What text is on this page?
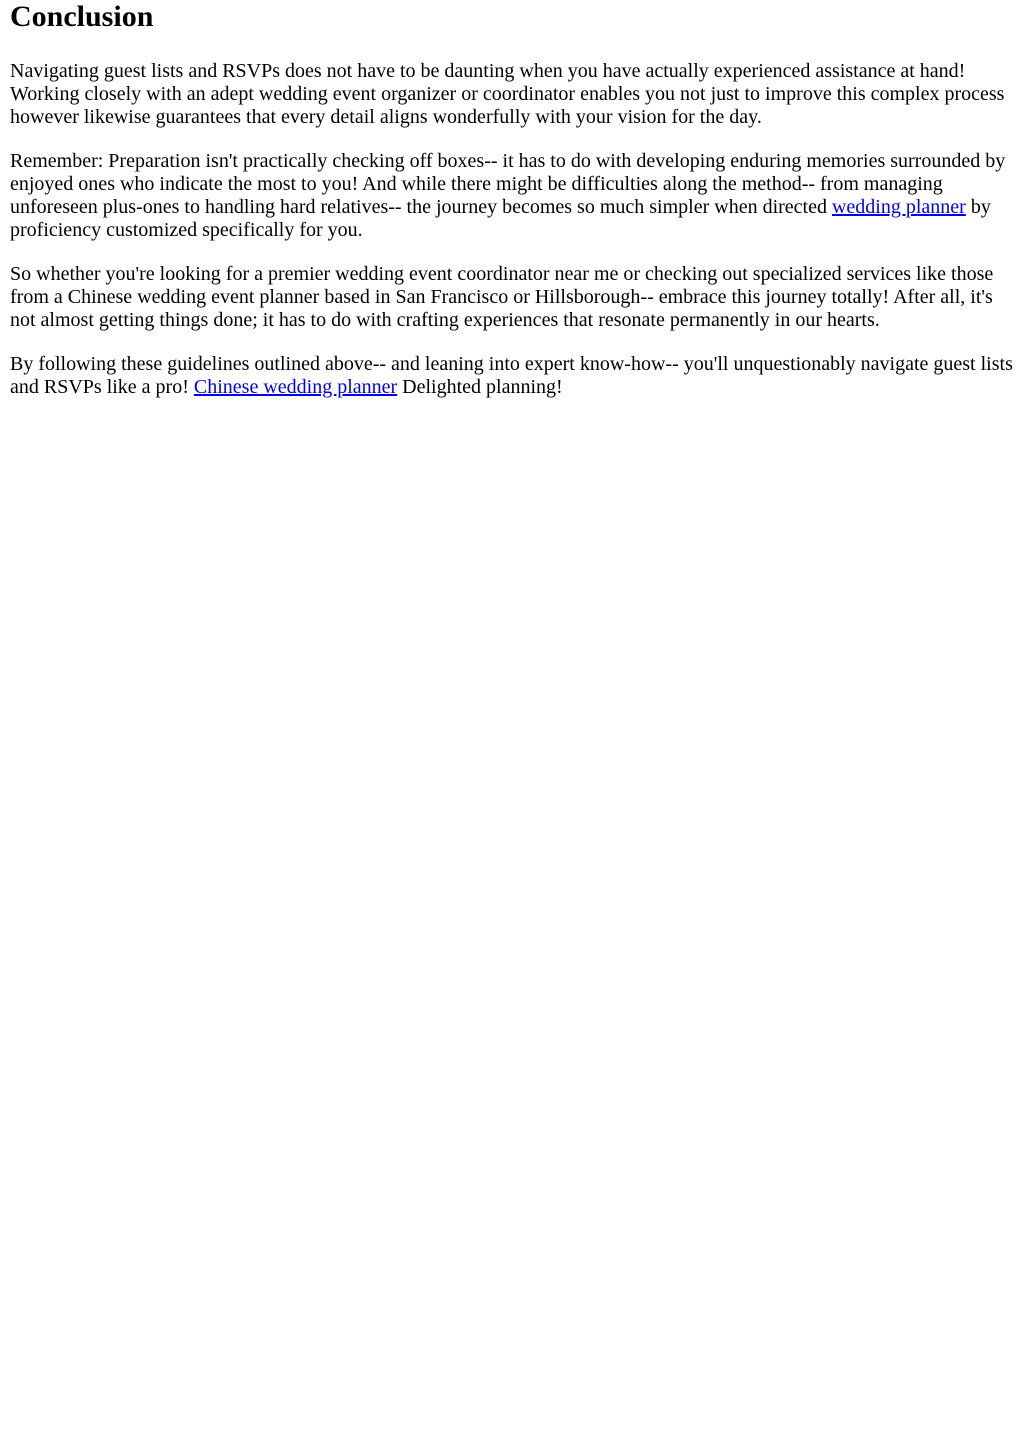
Conclusion

Navigating guest lists and RSVPs does not have to be daunting when you have actually experienced assistance at hand! Working closely with an adept wedding event organizer or coordinator enables you not just to improve this complex process however likewise guarantees that every detail aligns wonderfully with your vision for the day.

Remember: Preparation isn't practically checking off boxes-- it has to do with developing enduring memories surrounded by enjoyed ones who indicate the most to you! And while there might be difficulties along the method-- from managing unforeseen plus-ones to handling hard relatives-- the journey becomes so much simpler when directed wedding planner by proficiency customized specifically for you.

So whether you're looking for a premier wedding event coordinator near me or checking out specialized services like those from a Chinese wedding event planner based in San Francisco or Hillsborough-- embrace this journey totally! After all, it's not almost getting things done; it has to do with crafting experiences that resonate permanently in our hearts.

By following these guidelines outlined above-- and leaning into expert know-how-- you'll unquestionably navigate guest lists and RSVPs like a pro! Chinese wedding planner Delighted planning!
